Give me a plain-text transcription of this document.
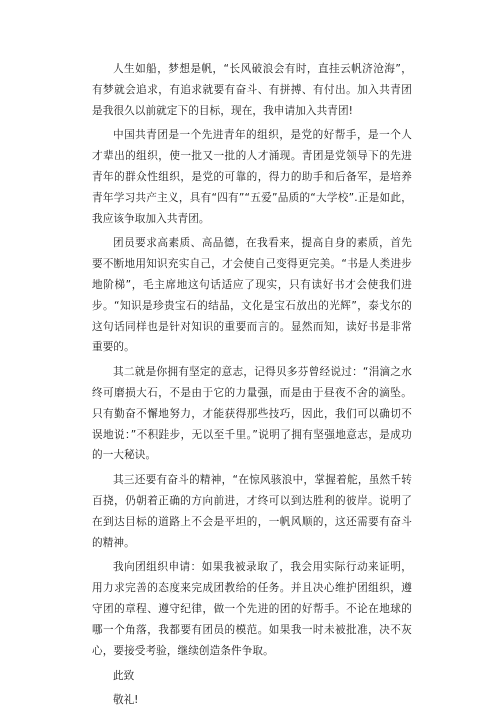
人生如船，梦想是帆，“长风破浪会有时，直挂云帆济沧海”，有梦就会追求，有追求就要有奋斗、有拼搏、有付出。加入共青团是我很久以前就定下的目标，现在，我申请加入共青团!

中国共青团是一个先进青年的组织，是党的好帮手，是一个人才辈出的组织，使一批又一批的人才涌现。青团是党领导下的先进青年的群众性组织，是党的可靠的，得力的助手和后备军，是培养青年学习共产主义，具有“四有”“五爱”品质的“大学校”.正是如此，我应该争取加入共青团。

团员要求高素质、高品德，在我看来，提高自身的素质，首先要不断地用知识充实自己，才会使自己变得更完美。“书是人类进步地阶梯”，毛主席地这句话适应了现实，只有读好书才会使我们进步。“知识是珍贵宝石的结晶，文化是宝石放出的光辉”，泰戈尔的这句话同样也是针对知识的重要而言的。显然而知，读好书是非常重要的。

其二就是你拥有坚定的意志，记得贝多芬曾经说过：“涓滴之水终可磨损大石，不是由于它的力量强，而是由于昼夜不舍的滴坠。只有勤奋不懈地努力，才能获得那些技巧，因此，我们可以确切不误地说：”不积跬步，无以至千里。”说明了拥有坚强地意志，是成功的一大秘诀。

其三还要有奋斗的精神，“在惊风骇浪中，掌握着舵，虽然千转百挠，仍朝着正确的方向前进，才终可以到达胜利的彼岸。说明了在到达目标的道路上不会是平坦的，一帆风顺的，这还需要有奋斗的精神。

我向团组织申请：如果我被录取了，我会用实际行动来证明，用力求完善的态度来完成团教给的任务。并且决心维护团组织，遵守团的章程、遵守纪律，做一个先进的团的好帮手。不论在地球的哪一个角落，我都要有团员的模范。如果我一时未被批准，决不灰心，要接受考验，继续创造条件争取。

此致

敬礼!
